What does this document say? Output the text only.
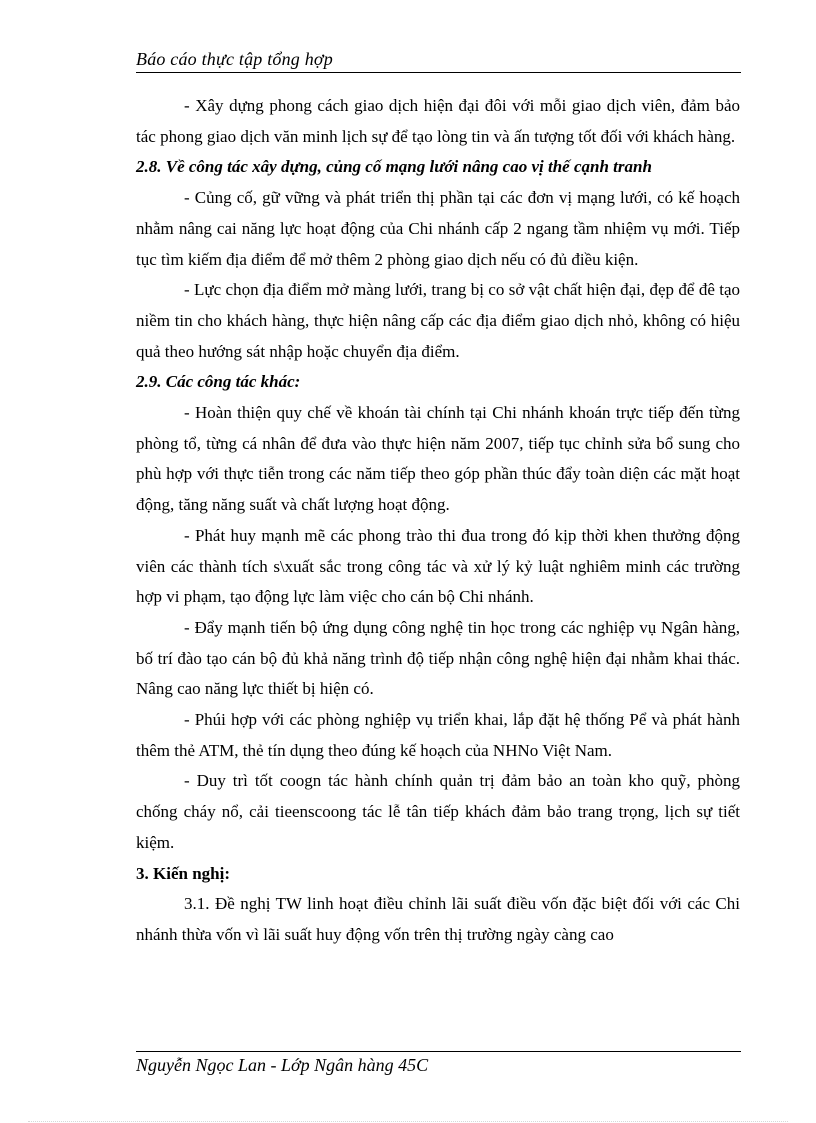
Báo cáo thực tập tổng hợp

- Xây dựng phong cách giao dịch hiện đại đôi với mỗi giao dịch viên, đảm bảo tác phong giao dịch văn minh lịch sự để tạo lòng tin và ấn tượng tốt đối với khách hàng.

2.8. Về công tác xây dựng, củng cố mạng lưới nâng cao vị thế cạnh tranh

- Củng cố, gữ vững và phát triển thị phần tại các đơn vị mạng lưới, có kế hoạch nhằm nâng cai năng lực hoạt động của Chi nhánh cấp 2 ngang tầm nhiệm vụ mới. Tiếp tục tìm kiếm địa điểm để mở thêm 2 phòng giao dịch nếu có đủ điều kiện.

- Lực chọn địa điểm mở màng lưới, trang bị co sở vật chất hiện đại, đẹp để đê tạo niềm tin cho khách hàng, thực hiện nâng cấp các địa điểm giao dịch nhỏ, không có hiệu quả theo hướng sát nhập hoặc chuyển địa điểm.

2.9. Các công tác khác:

- Hoàn thiện quy chế về khoán tài chính tại Chi nhánh khoán trực tiếp đến từng phòng tổ, từng cá nhân để đưa vào thực hiện năm 2007, tiếp tục chỉnh sửa bổ sung cho phù hợp với thực tiễn trong các năm tiếp theo góp phần thúc đẩy toàn diện các mặt hoạt động, tăng năng suất và chất lượng hoạt động.

- Phát huy mạnh mẽ các phong trào thi đua trong đó kịp thời khen thưởng động viên các thành tích s\xuất sắc trong công tác và xử lý kỷ luật nghiêm minh các trường hợp vi phạm, tạo động lực làm việc cho cán bộ Chi nhánh.

- Đẩy mạnh tiến bộ ứng dụng công nghệ tin học trong các nghiệp vụ Ngân hàng, bố trí đào tạo cán bộ đủ khả năng trình độ tiếp nhận công nghệ hiện đại nhằm khai thác. Nâng cao năng lực thiết bị hiện có.

- Phúi hợp với các phòng nghiệp vụ triển khai, lắp đặt hệ thống Pể và phát hành thêm thẻ ATM, thẻ tín dụng theo đúng kế hoạch của NHNo Việt Nam.

- Duy trì tốt coogn tác hành chính quản trị đảm bảo an toàn kho quỹ, phòng chống cháy nổ, cải tieenscoong tác lễ tân tiếp khách đảm bảo trang trọng, lịch sự tiết kiệm.

3. Kiến nghị:

3.1. Đề nghị TW linh hoạt điều chỉnh lãi suất điều vốn đặc biệt đối với các Chi nhánh thừa vốn vì lãi suất huy động vốn trên thị trường ngày càng cao

Nguyễn Ngọc Lan - Lớp Ngân hàng 45C
